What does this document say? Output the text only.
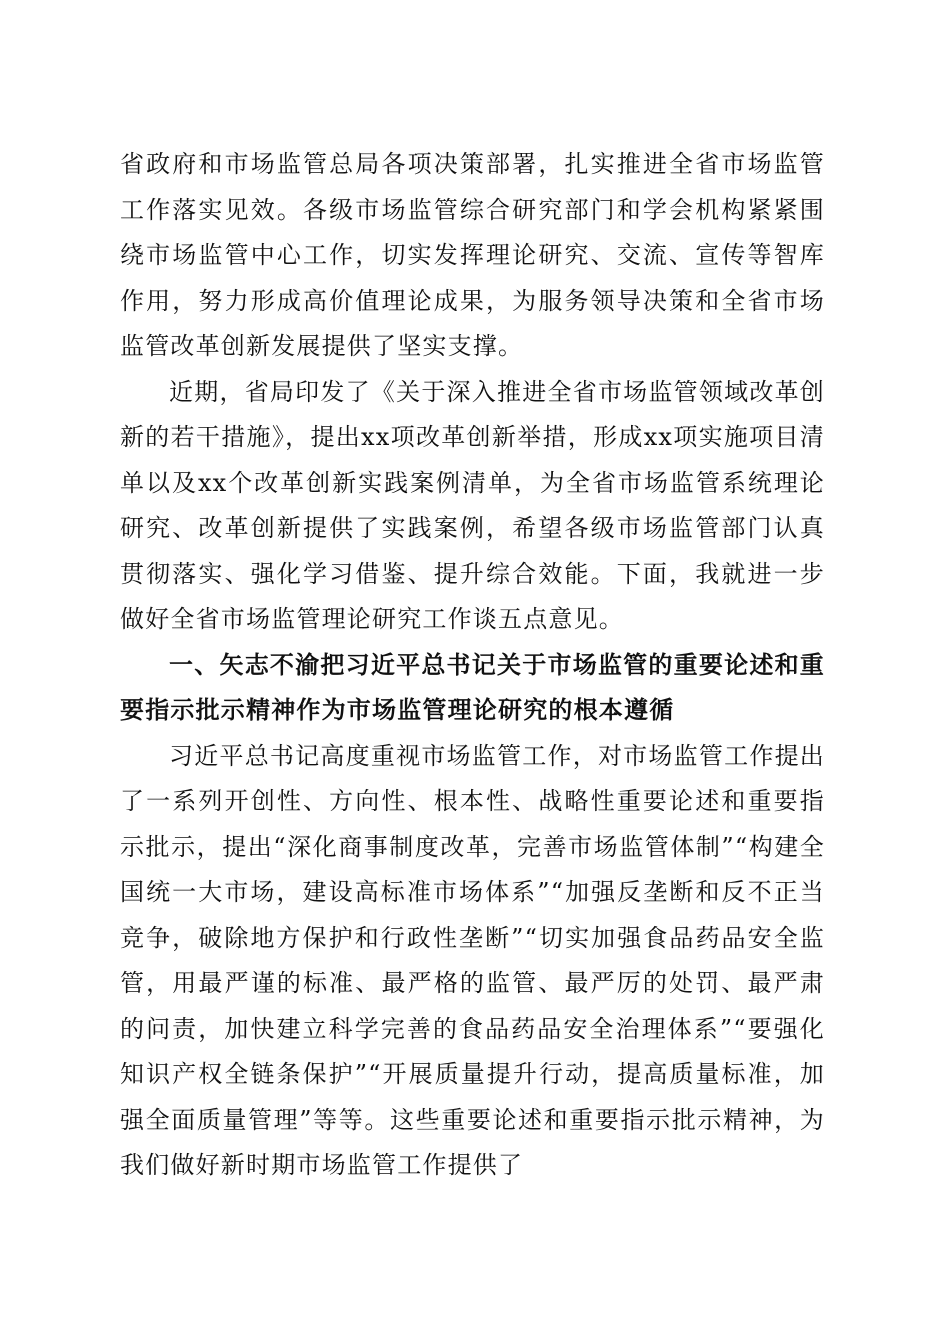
省政府和市场监管总局各项决策部署，扎实推进全省市场监管工作落实见效。各级市场监管综合研究部门和学会机构紧紧围绕市场监管中心工作，切实发挥理论研究、交流、宣传等智库作用，努力形成高价值理论成果，为服务领导决策和全省市场监管改革创新发展提供了坚实支撑。

近期，省局印发了《关于深入推进全省市场监管领域改革创新的若干措施》，提出xx项改革创新举措，形成xx项实施项目清单以及xx个改革创新实践案例清单，为全省市场监管系统理论研究、改革创新提供了实践案例，希望各级市场监管部门认真贯彻落实、强化学习借鉴、提升综合效能。下面，我就进一步做好全省市场监管理论研究工作谈五点意见。

一、矢志不渝把习近平总书记关于市场监管的重要论述和重要指示批示精神作为市场监管理论研究的根本遵循

习近平总书记高度重视市场监管工作，对市场监管工作提出了一系列开创性、方向性、根本性、战略性重要论述和重要指示批示，提出“深化商事制度改革，完善市场监管体制”“构建全国统一大市场，建设高标准市场体系”“加强反垄断和反不正当竞争，破除地方保护和行政性垄断”“切实加强食品药品安全监管，用最严谨的标准、最严格的监管、最严厉的处罚、最严肃的问责，加快建立科学完善的食品药品安全治理体系”“要强化知识产权全链条保护”“开展质量提升行动，提高质量标准，加强全面质量管理”等等。这些重要论述和重要指示批示精神，为我们做好新时期市场监管工作提供了
